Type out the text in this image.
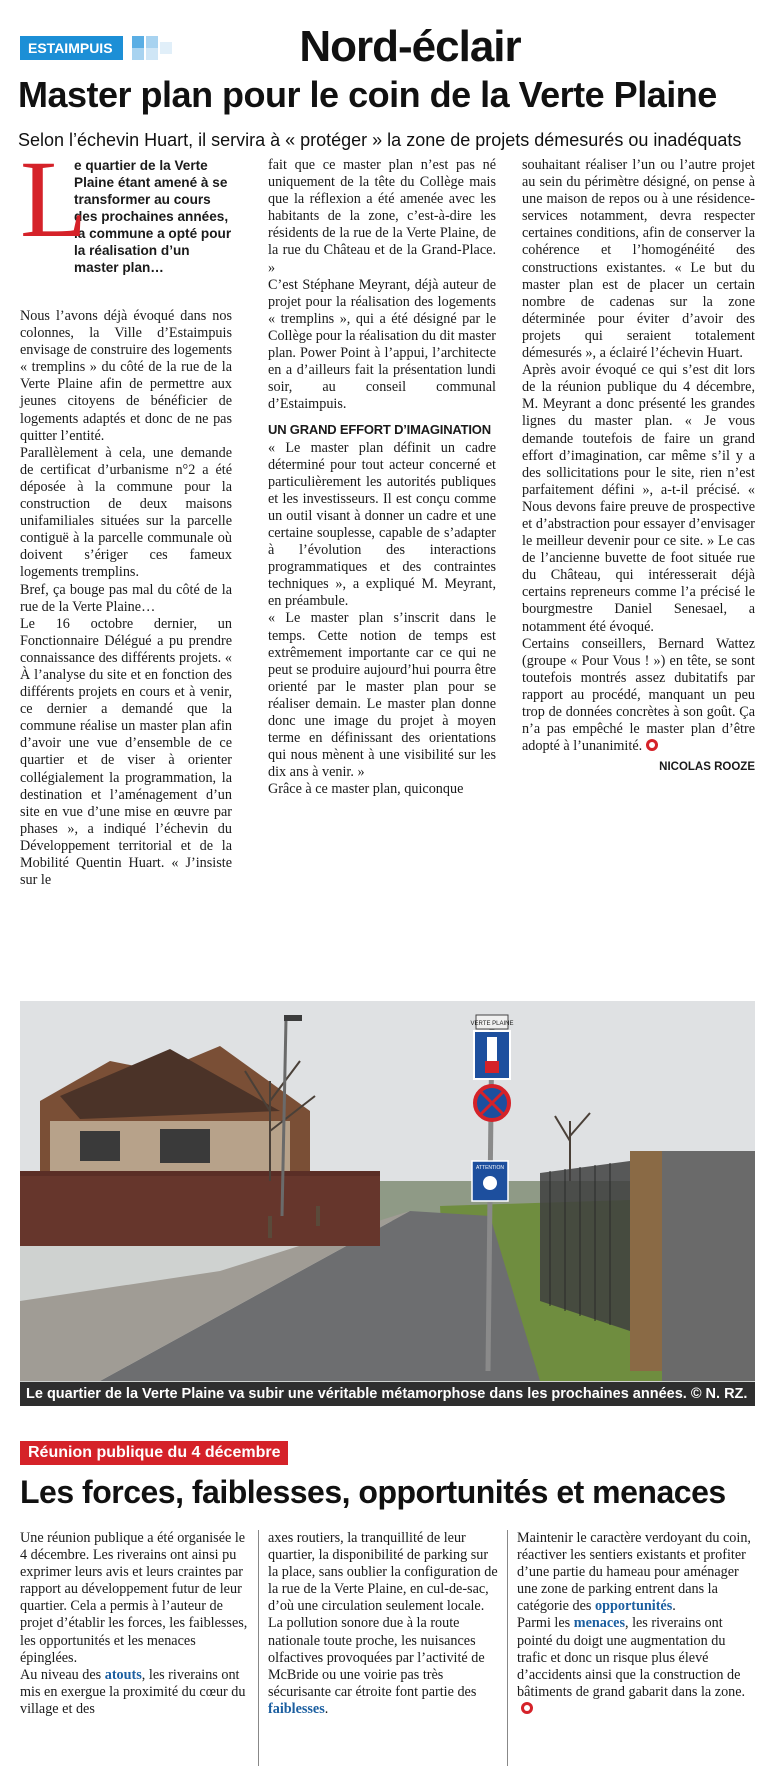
ESTAIMPUIS	Nord-éclair
Master plan pour le coin de la Verte Plaine
Selon l’échevin Huart, il servira à « protéger » la zone de projets démesurés ou inadéquats
L

e quartier de la Verte Plaine étant amené à se transformer au cours des prochaines années, la commune a opté pour la réalisation d’un master plan…

Nous l’avons déjà évoqué dans nos colonnes, la Ville d’Estaimpuis envisage de construire des logements « tremplins » du côté de la rue de la Verte Plaine afin de permettre aux jeunes citoyens de bénéficier de logements adaptés et donc de ne pas quitter l’entité.

Parallèlement à cela, une demande de certificat d’urbanisme n°2 a été déposée à la commune pour la construction de deux maisons unifamiliales situées sur la parcelle contiguë à la parcelle communale où doivent s’ériger ces fameux logements tremplins.

Bref, ça bouge pas mal du côté de la rue de la Verte Plaine…

Le 16 octobre dernier, un Fonctionnaire Délégué a pu prendre connaissance des différents projets. « À l’analyse du site et en fonction des différents projets en cours et à venir, ce dernier a demandé que la commune réalise un master plan afin d’avoir une vue d’ensemble de ce quartier et de viser à orienter collégialement la programmation, la destination et l’aménagement d’un site en vue d’une mise en œuvre par phases », a indiqué l’échevin du Développement territorial et de la Mobilité Quentin Huart. « J’insiste sur le

fait que ce master plan n’est pas né uniquement de la tête du Collège mais que la réflexion a été amenée avec les habitants de la zone, c’est-à-dire les résidents de la rue de la Verte Plaine, de la rue du Château et de la Grand-Place. »

C’est Stéphane Meyrant, déjà auteur de projet pour la réalisation des logements « tremplins », qui a été désigné par le Collège pour la réalisation du dit master plan. Power Point à l’appui, l’architecte en a d’ailleurs fait la présentation lundi soir, au conseil communal d’Estaimpuis.

UN GRAND EFFORT D’IMAGINATION

« Le master plan définit un cadre déterminé pour tout acteur concerné et particulièrement les autorités publiques et les investisseurs. Il est conçu comme un outil visant à donner un cadre et une certaine souplesse, capable de s’adapter à l’évolution des interactions programmatiques et des contraintes techniques », a expliqué M. Meyrant, en préambule.

« Le master plan s’inscrit dans le temps. Cette notion de temps est extrêmement importante car ce qui ne peut se produire aujourd’hui pourra être orienté par le master plan pour se réaliser demain. Le master plan donne donc une image du projet à moyen terme en définissant des orientations qui nous mènent à une visibilité sur les dix ans à venir. »

Grâce à ce master plan, quiconque

souhaitant réaliser l’un ou l’autre projet au sein du périmètre désigné, on pense à une maison de repos ou à une résidence-services notamment, devra respecter certaines conditions, afin de conserver la cohérence et l’homogénéité des constructions existantes. « Le but du master plan est de placer un certain nombre de cadenas sur la zone déterminée pour éviter d’avoir des projets qui seraient totalement démesurés », a éclairé l’échevin Huart.

Après avoir évoqué ce qui s’est dit lors de la réunion publique du 4 décembre, M. Meyrant a donc présenté les grandes lignes du master plan. « Je vous demande toutefois de faire un grand effort d’imagination, car même s’il y a des sollicitations pour le site, rien n’est parfaitement défini », a-t-il précisé. « Nous devons faire preuve de prospective et d’abstraction pour essayer d’envisager le meilleur devenir pour ce site. » Le cas de l’ancienne buvette de foot située rue du Château, qui intéresserait déjà certains repreneurs comme l’a précisé le bourgmestre Daniel Senesael, a notamment été évoqué.

Certains conseillers, Bernard Wattez (groupe « Pour Vous ! ») en tête, se sont toutefois montrés assez dubitatifs par rapport au procédé, manquant un peu trop de données concrètes à son goût. Ça n’a pas empêché le master plan d’être adopté à l’unanimité.

NICOLAS ROOZE
VERTE PLAINE
ATTENTION
Le quartier de la Verte Plaine va subir une véritable métamorphose dans les prochaines années. © N. RZ.
Réunion publique du 4 décembre
Les forces, faiblesses, opportunités et menaces

Une réunion publique a été organisée le 4 décembre. Les riverains ont ainsi pu exprimer leurs avis et leurs craintes par rapport au développement futur de leur quartier. Cela a permis à l’auteur de projet d’établir les forces, les faiblesses, les opportunités et les menaces épinglées.

Au niveau des atouts, les riverains ont mis en exergue la proximité du cœur du village et des

axes routiers, la tranquillité de leur quartier, la disponibilité de parking sur la place, sans oublier la configuration de la rue de la Verte Plaine, en cul-de-sac, d’où une circulation seulement locale.

La pollution sonore due à la route nationale toute proche, les nuisances olfactives provoquées par l’activité de McBride ou une voirie pas très sécurisante car étroite font partie des faiblesses.

Maintenir le caractère verdoyant du coin, réactiver les sentiers existants et profiter d’une partie du hameau pour aménager une zone de parking entrent dans la catégorie des opportunités.

Parmi les menaces, les riverains ont pointé du doigt une augmentation du trafic et donc un risque plus élevé d’accidents ainsi que la construction de bâtiments de grand gabarit dans la zone.
